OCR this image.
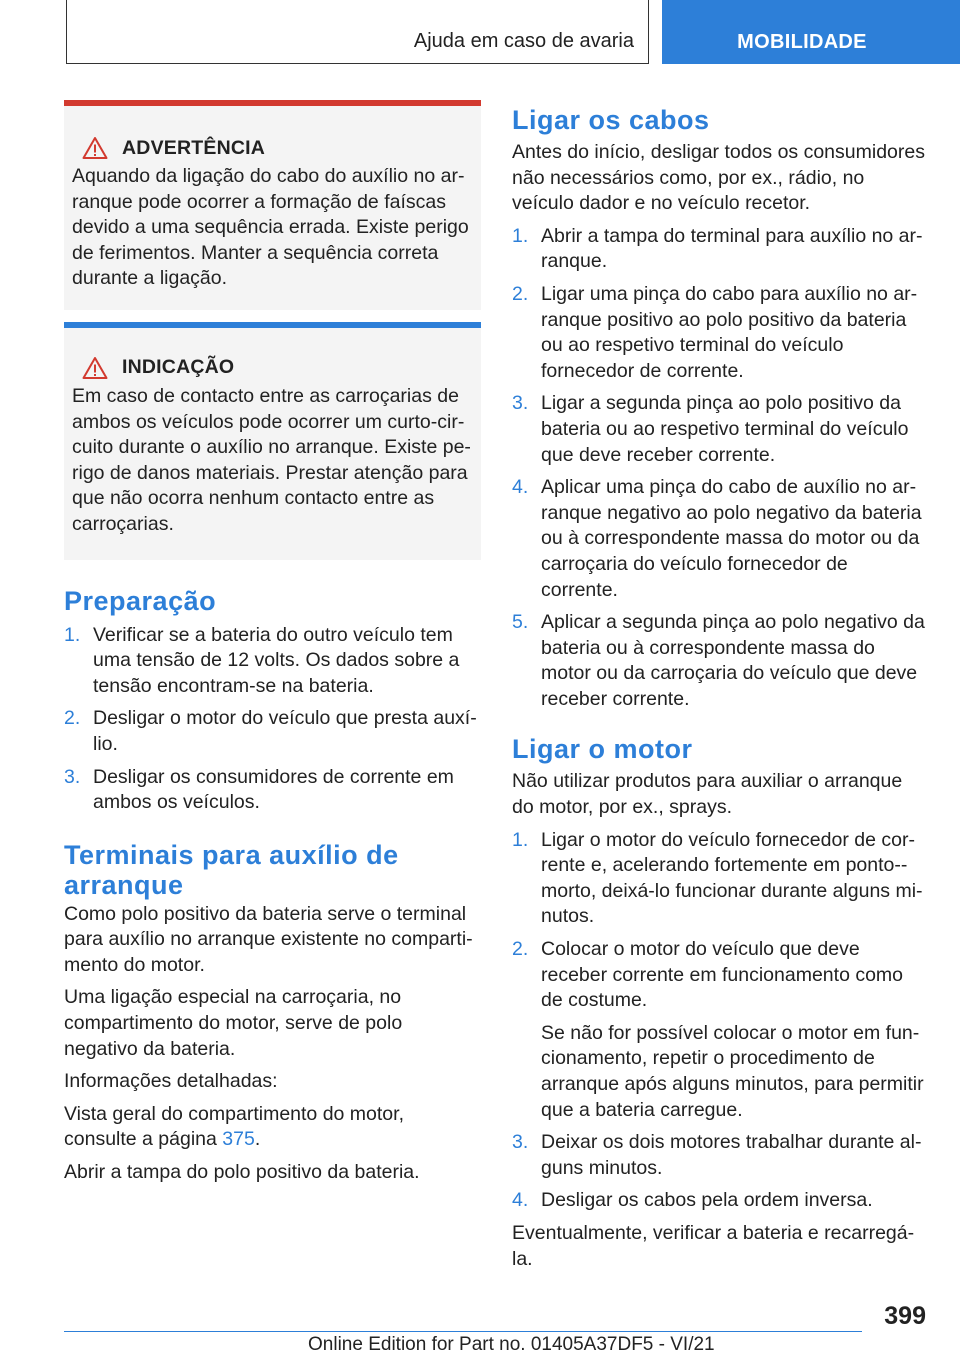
Ajuda em caso de avaria	MOBILIDADE
ADVERTÊNCIA

Aquando da ligação do cabo do auxílio no arranque pode ocorrer a formação de faíscas devido a uma sequência errada. Existe perigo de ferimentos. Manter a sequência correta durante a ligação.

INDICAÇÃO

Em caso de contacto entre as carroçarias de ambos os veículos pode ocorrer um curto-circuito durante o auxílio no arranque. Existe perigo de danos materiais. Prestar atenção para que não ocorra nenhum contacto entre as carroçarias.

Preparação
1. Verificar se a bateria do outro veículo tem uma tensão de 12 volts. Os dados sobre a tensão encontram-se na bateria.
2. Desligar o motor do veículo que presta auxílio.
3. Desligar os consumidores de corrente em ambos os veículos.
Terminais para auxílio de arranque

Como polo positivo da bateria serve o terminal para auxílio no arranque existente no compartimento do motor.

Uma ligação especial na carroçaria, no compartimento do motor, serve de polo negativo da bateria.

Informações detalhadas:

Vista geral do compartimento do motor, consulte a página 375.

Abrir a tampa do polo positivo da bateria.

Ligar os cabos

Antes do início, desligar todos os consumidores não necessários como, por ex., rádio, no veículo dador e no veículo recetor.

1. Abrir a tampa do terminal para auxílio no arranque.
2. Ligar uma pinça do cabo para auxílio no arranque positivo ao polo positivo da bateria ou ao respetivo terminal do veículo fornecedor de corrente.
3. Ligar a segunda pinça ao polo positivo da bateria ou ao respetivo terminal do veículo que deve receber corrente.
4. Aplicar uma pinça do cabo de auxílio no arranque negativo ao polo negativo da bateria ou à correspondente massa do motor ou da carroçaria do veículo fornecedor de corrente.
5. Aplicar a segunda pinça ao polo negativo da bateria ou à correspondente massa do motor ou da carroçaria do veículo que deve receber corrente.
Ligar o motor

Não utilizar produtos para auxiliar o arranque do motor, por ex., sprays.

1. Ligar o motor do veículo fornecedor de corrente e, acelerando fortemente em ponto-​-morto, deixá-lo funcionar durante alguns minutos.
2. Colocar o motor do veículo que deve receber corrente em funcionamento como de costume.

Se não for possível colocar o motor em funcionamento, repetir o procedimento de arranque após alguns minutos, para permitir que a bateria carregue.

3. Deixar os dois motores trabalhar durante alguns minutos.
4. Desligar os cabos pela ordem inversa.

Eventualmente, verificar a bateria e recarregá-la.

399
Online Edition for Part no. 01405A37DF5 - VI/21
